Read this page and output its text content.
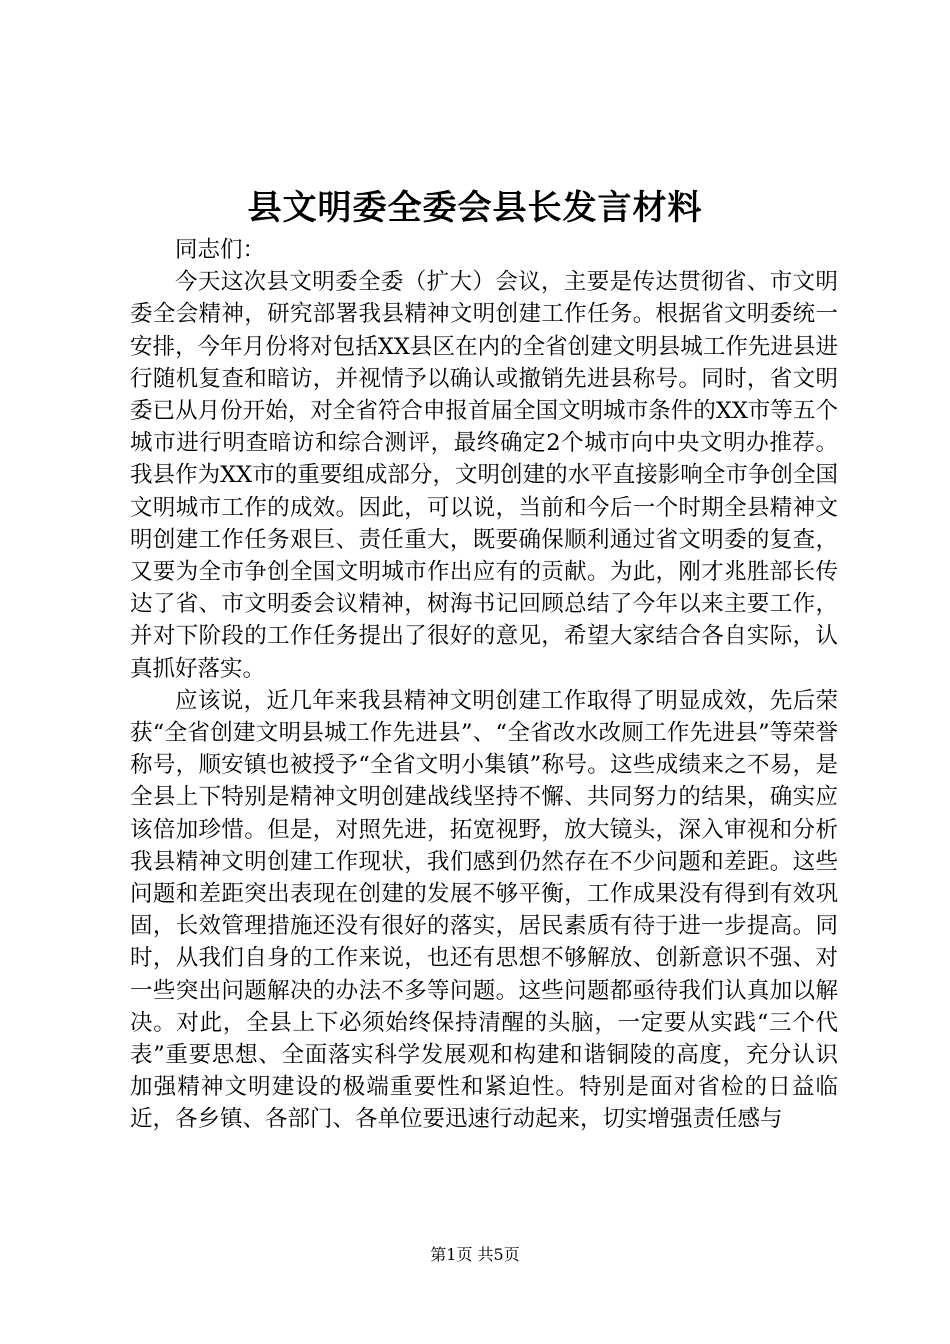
县文明委全委会县长发言材料

同志们：

今天这次县文明委全委（扩大）会议，主要是传达贯彻省、市文明委全会精神，研究部署我县精神文明创建工作任务。根据省文明委统一安排，今年月份将对包括XX县区在内的全省创建文明县城工作先进县进行随机复查和暗访，并视情予以确认或撤销先进县称号。同时，省文明委已从月份开始，对全省符合申报首届全国文明城市条件的XX市等五个城市进行明查暗访和综合测评，最终确定2个城市向中央文明办推荐。我县作为XX市的重要组成部分，文明创建的水平直接影响全市争创全国文明城市工作的成效。因此，可以说，当前和今后一个时期全县精神文明创建工作任务艰巨、责任重大，既要确保顺利通过省文明委的复查，又要为全市争创全国文明城市作出应有的贡献。为此，刚才兆胜部长传达了省、市文明委会议精神，树海书记回顾总结了今年以来主要工作，并对下阶段的工作任务提出了很好的意见，希望大家结合各自实际，认真抓好落实。

应该说，近几年来我县精神文明创建工作取得了明显成效，先后荣获“全省创建文明县城工作先进县”、“全省改水改厕工作先进县”等荣誉称号，顺安镇也被授予“全省文明小集镇”称号。这些成绩来之不易，是全县上下特别是精神文明创建战线坚持不懈、共同努力的结果，确实应该倍加珍惜。但是，对照先进，拓宽视野，放大镜头，深入审视和分析我县精神文明创建工作现状，我们感到仍然存在不少问题和差距。这些问题和差距突出表现在创建的发展不够平衡，工作成果没有得到有效巩固，长效管理措施还没有很好的落实，居民素质有待于进一步提高。同时，从我们自身的工作来说，也还有思想不够解放、创新意识不强、对一些突出问题解决的办法不多等问题。这些问题都亟待我们认真加以解决。对此，全县上下必须始终保持清醒的头脑，一定要从实践“三个代表”重要思想、全面落实科学发展观和构建和谐铜陵的高度，充分认识加强精神文明建设的极端重要性和紧迫性。特别是面对省检的日益临近，各乡镇、各部门、各单位要迅速行动起来，切实增强责任感与

第1页 共5页
